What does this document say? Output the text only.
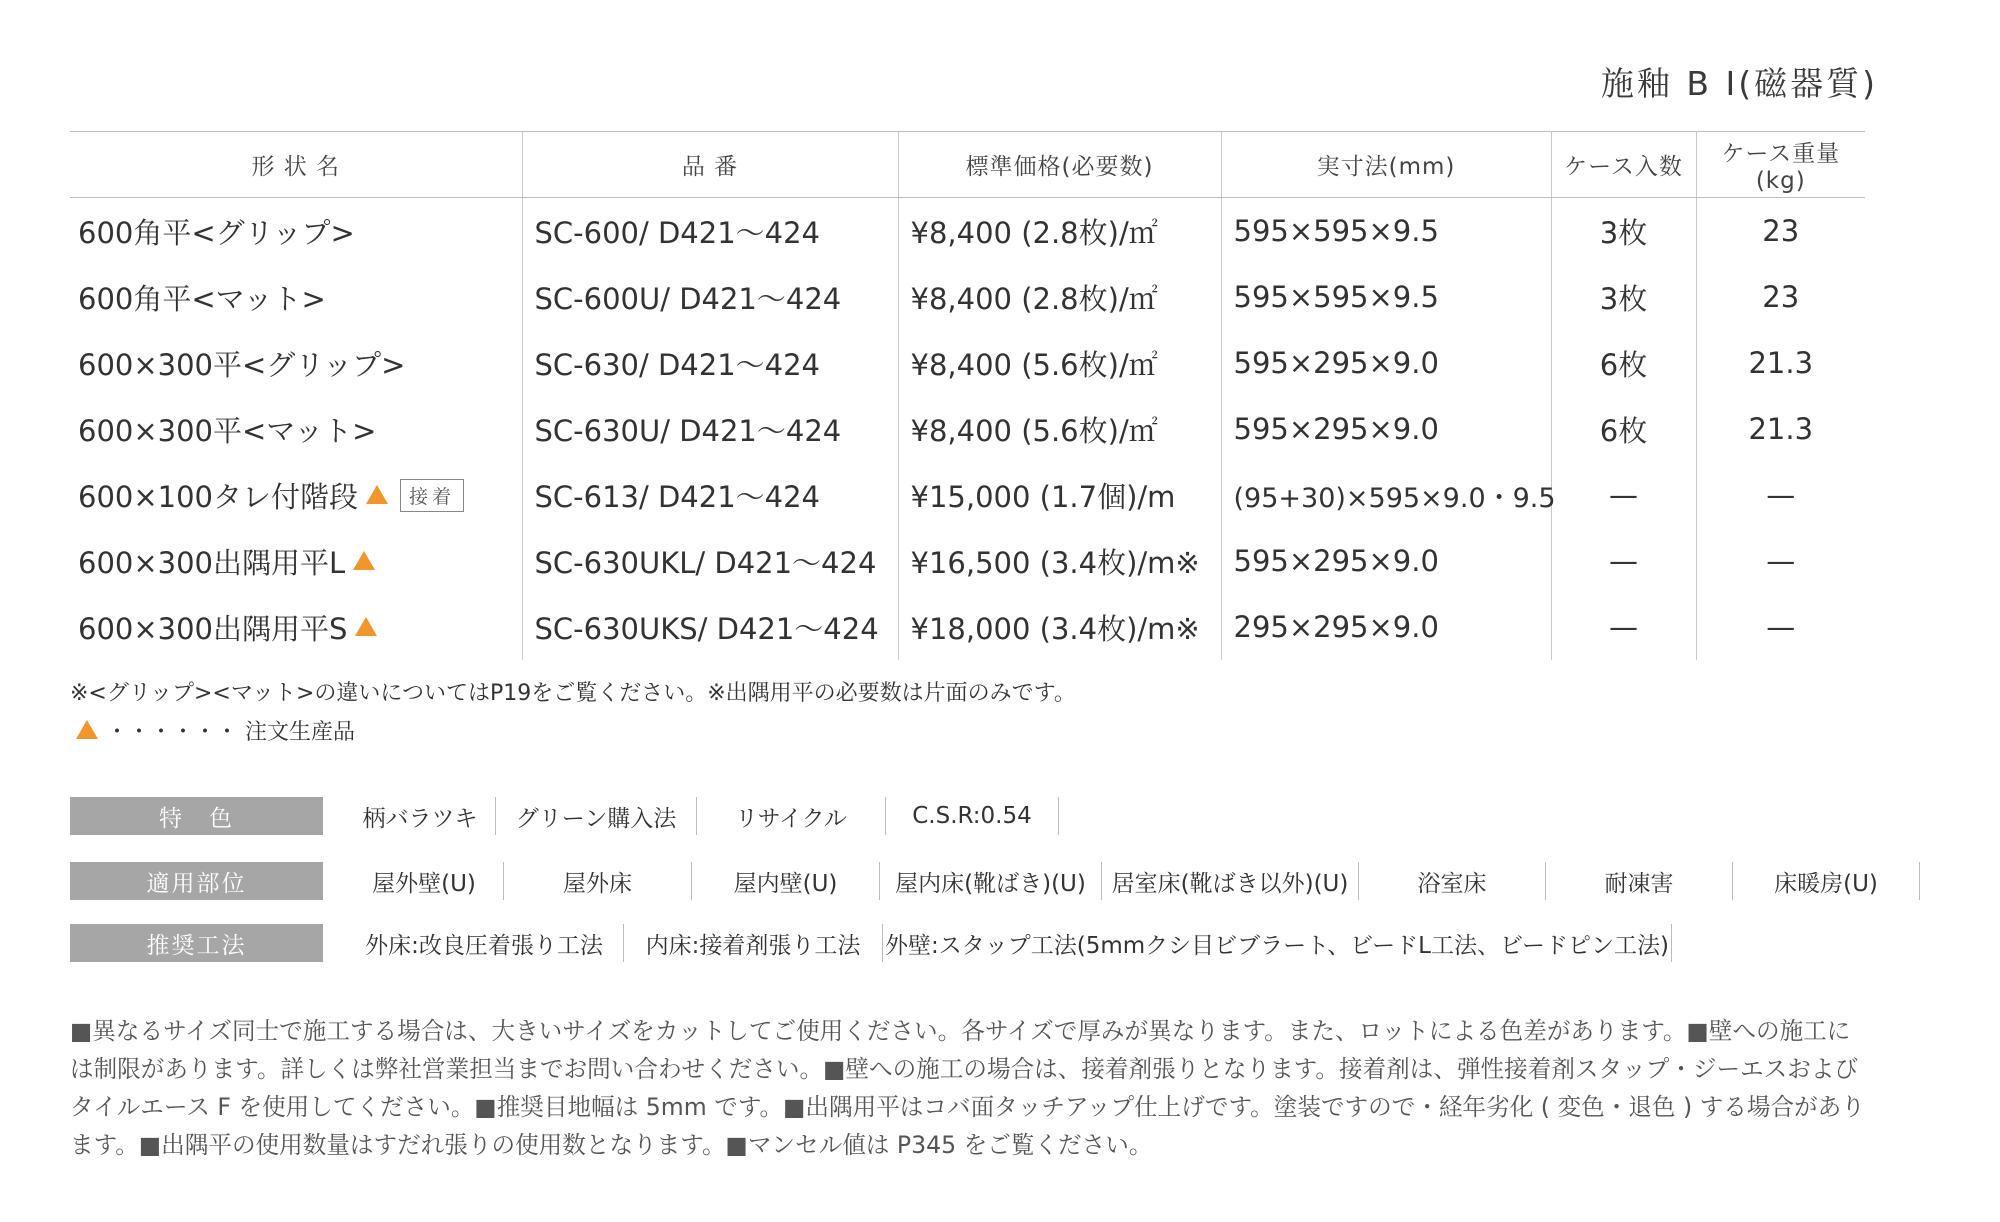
施釉 B I(磁器質)
形 状 名	品 番	標準価格(必要数)	実寸法(mm)	ケース入数	ケース重量(kg)
600角平<グリップ>	SC-600/ D421〜424	¥8,400 (2.8枚)/㎡	595×595×9.5	3枚	23
600角平<マット>	SC-600U/ D421〜424	¥8,400 (2.8枚)/㎡	595×595×9.5	3枚	23
600×300平<グリップ>	SC-630/ D421〜424	¥8,400 (5.6枚)/㎡	595×295×9.0	6枚	21.3
600×300平<マット>	SC-630U/ D421〜424	¥8,400 (5.6枚)/㎡	595×295×9.0	6枚	21.3
600×100タレ付階段 接着	SC-613/ D421〜424	¥15,000 (1.7個)/m	(95+30)×595×9.0・9.5	—	—
600×300出隅用平L	SC-630UKL/ D421〜424	¥16,500 (3.4枚)/m※	595×295×9.0	—	—
600×300出隅用平S	SC-630UKS/ D421〜424	¥18,000 (3.4枚)/m※	295×295×9.0	—	—
※<グリップ><マット>の違いについてはP19をご覧ください。※出隅用平の必要数は片面のみです。
・・・・・・ 注文生産品
特　色	柄バラツキ	グリーン購入法	リサイクル	C.S.R:0.54
適用部位	屋外壁(U)	屋外床	屋内壁(U)	屋内床(靴ばき)(U)	居室床(靴ばき以外)(U)	浴室床	耐凍害	床暖房(U)
推奨工法	外床:改良圧着張り工法	内床:接着剤張り工法	外壁:スタップ工法(5mmクシ目ビブラート、ビードL工法、ビードピン工法)
■異なるサイズ同士で施工する場合は、大きいサイズをカットしてご使用ください。各サイズで厚みが異なります。また、ロットによる色差があります。■壁への施工には制限があります。詳しくは弊社営業担当までお問い合わせください。■壁への施工の場合は、接着剤張りとなります。接着剤は、弾性接着剤スタップ・ジーエスおよびタイルエース F を使用してください。■推奨目地幅は 5mm です。■出隅用平はコバ面タッチアップ仕上げです。塗装ですので・経年劣化 ( 変色・退色 ) する場合があります。■出隅平の使用数量はすだれ張りの使用数となります。■マンセル値は P345 をご覧ください。
